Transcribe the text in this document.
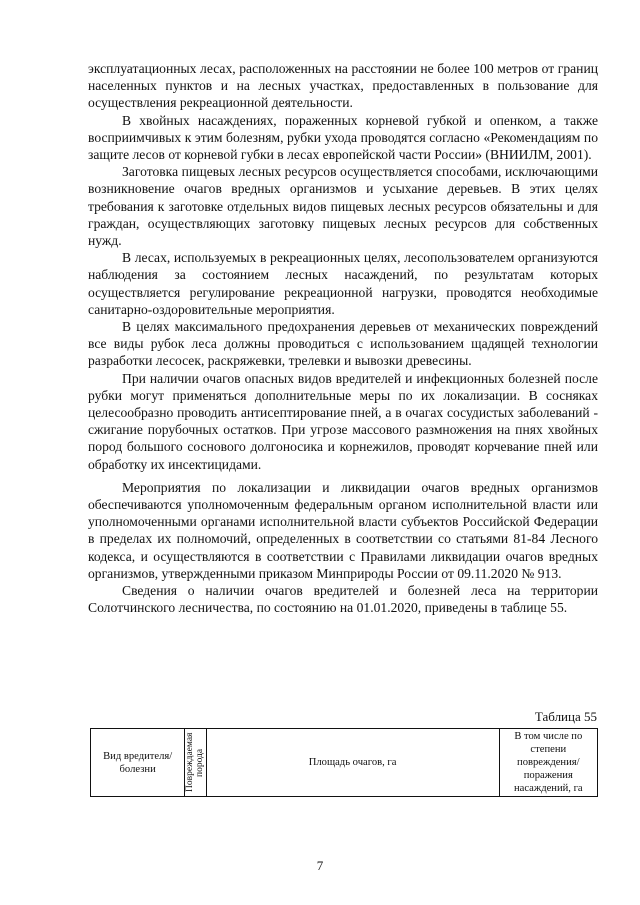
эксплуатационных лесах, расположенных на расстоянии не более 100 метров от границ населенных пунктов и на лесных участках, предоставленных в пользование для осуществления рекреационной деятельности.

В хвойных насаждениях, пораженных корневой губкой и опенком, а также восприимчивых к этим болезням, рубки ухода проводятся согласно «Рекомендациям по защите лесов от корневой губки в лесах европейской части России» (ВНИИЛМ, 2001).

Заготовка пищевых лесных ресурсов осуществляется способами, исключающими возникновение очагов вредных организмов и усыхание деревьев. В этих целях требования к заготовке отдельных видов пищевых лесных ресурсов обязательны и для граждан, осуществляющих заготовку пищевых лесных ресурсов для собственных нужд.

В лесах, используемых в рекреационных целях, лесопользователем организуются наблюдения за состоянием лесных насаждений, по результатам которых осуществляется регулирование рекреационной нагрузки, проводятся необходимые санитарно-оздоровительные мероприятия.

В целях максимального предохранения деревьев от механических повреждений все виды рубок леса должны проводиться с использованием щадящей технологии разработки лесосек, раскряжевки, трелевки и вывозки древесины.

При наличии очагов опасных видов вредителей и инфекционных болезней после рубки могут применяться дополнительные меры по их локализации. В сосняках целесообразно проводить антисептирование пней, а в очагах сосудистых заболеваний - сжигание порубочных остатков. При угрозе массового размножения на пнях хвойных пород большого соснового долгоносика и корнежилов, проводят корчевание пней или обработку их инсектицидами.

Мероприятия по локализации и ликвидации очагов вредных организмов обеспечиваются уполномоченным федеральным органом исполнительной власти или уполномоченными органами исполнительной власти субъектов Российской Федерации в пределах их полномочий, определенных в соответствии со статьями 81-84 Лесного кодекса, и осуществляются в соответствии с Правилами ликвидации очагов вредных организмов, утвержденными приказом Минприроды России от 09.11.2020 № 913.

Сведения о наличии очагов вредителей и болезней леса на территории Солотчинского лесничества, по состоянию на 01.01.2020, приведены в таблице 55.

Таблица 55
Вид вредителя/болезни	Повреждаемая порода	Площадь очагов, га	В том числе по степени повреждения/поражения насаждений, га
7
